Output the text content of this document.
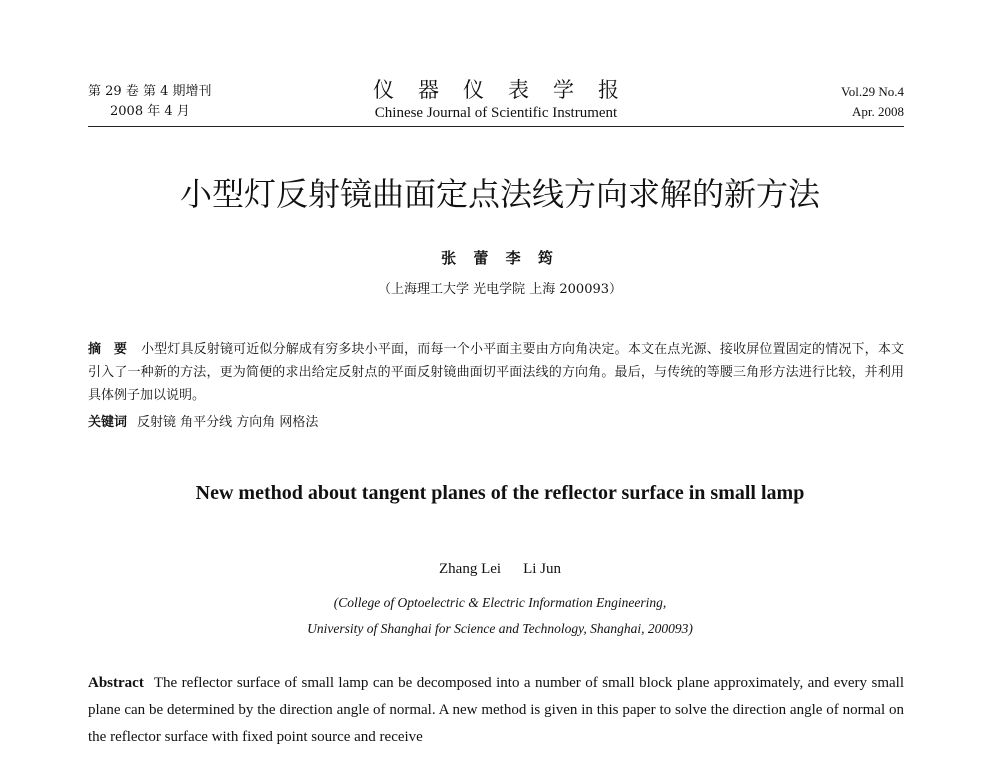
第 29 卷 第 4 期增刊
2008 年 4 月
仪器仪表学报
Chinese Journal of Scientific Instrument
Vol.29 No.4
Apr. 2008
小型灯反射镜曲面定点法线方向求解的新方法
张 蕾 李 筠
（上海理工大学 光电学院 上海 200093）
摘 要 小型灯具反射镜可近似分解成有穷多块小平面，而每一个小平面主要由方向角决定。本文在点光源、接收屏位置固定的情况下，本文引入了一种新的方法，更为简便的求出给定反射点的平面反射镜曲面切平面法线的方向角。最后，与传统的等腰三角形方法进行比较，并利用具体例子加以说明。
关键词 反射镜 角平分线 方向角 网格法
New method about tangent planes of the reflector surface in small lamp
Zhang Lei Li Jun
(College of Optoelectric & Electric Information Engineering,
University of Shanghai for Science and Technology, Shanghai, 200093)
Abstract The reflector surface of small lamp can be decomposed into a number of small block plane approximately, and every small plane can be determined by the direction angle of normal. A new method is given in this paper to solve the direction angle of normal on the reflector surface with fixed point source and receive
